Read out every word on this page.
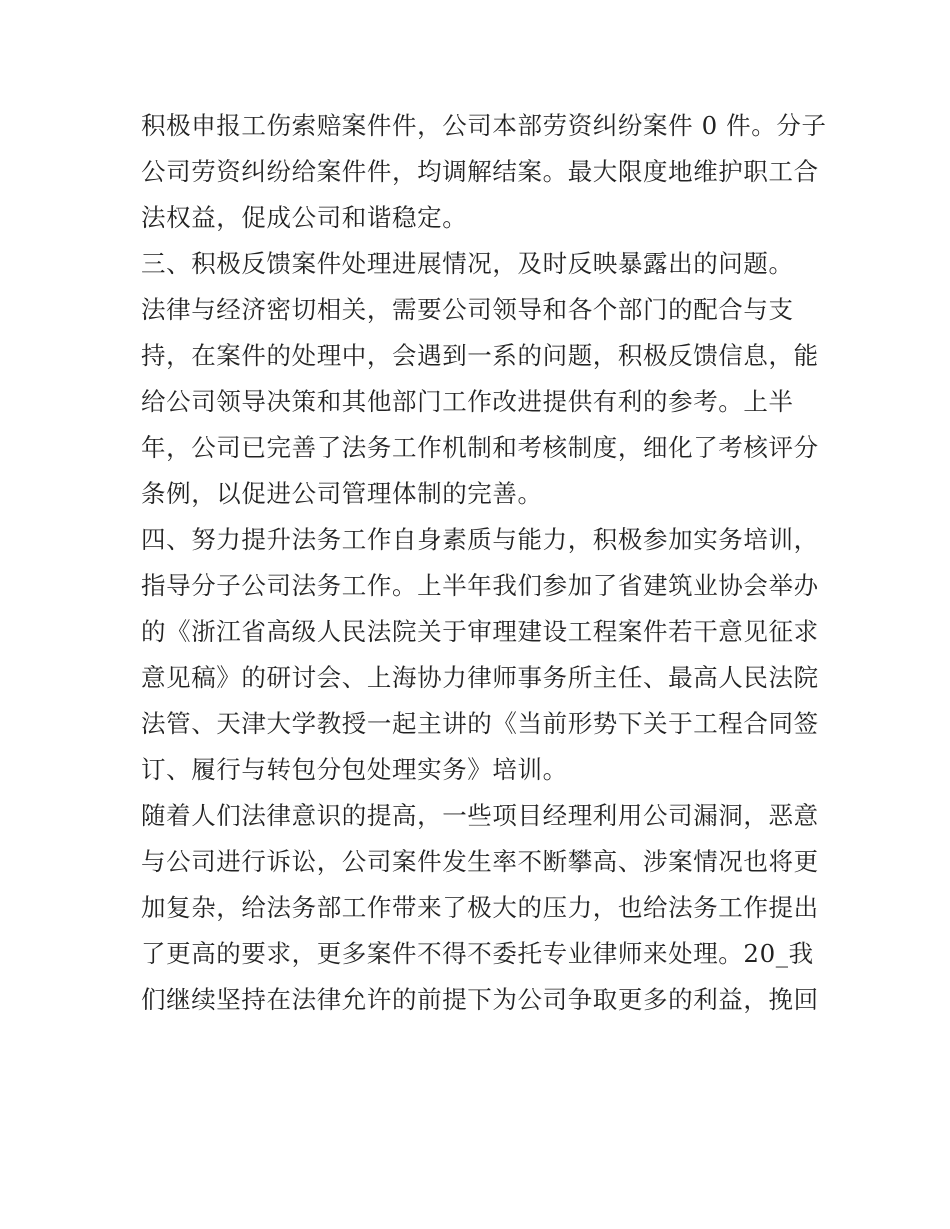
积极申报工伤索赔案件件，公司本部劳资纠纷案件 0 件。分子
公司劳资纠纷给案件件，均调解结案。最大限度地维护职工合
法权益，促成公司和谐稳定。
三、积极反馈案件处理进展情况，及时反映暴露出的问题。
法律与经济密切相关，需要公司领导和各个部门的配合与支
持，在案件的处理中，会遇到一系的问题，积极反馈信息，能
给公司领导决策和其他部门工作改进提供有利的参考。上半
年，公司已完善了法务工作机制和考核制度，细化了考核评分
条例，以促进公司管理体制的完善。
四、努力提升法务工作自身素质与能力，积极参加实务培训，
指导分子公司法务工作。上半年我们参加了省建筑业协会举办
的《浙江省高级人民法院关于审理建设工程案件若干意见征求
意见稿》的研讨会、上海协力律师事务所主任、最高人民法院
法管、天津大学教授一起主讲的《当前形势下关于工程合同签
订、履行与转包分包处理实务》培训。
随着人们法律意识的提高，一些项目经理利用公司漏洞，恶意
与公司进行诉讼，公司案件发生率不断攀高、涉案情况也将更
加复杂，给法务部工作带来了极大的压力，也给法务工作提出
了更高的要求，更多案件不得不委托专业律师来处理。20_我
们继续坚持在法律允许的前提下为公司争取更多的利益，挽回
